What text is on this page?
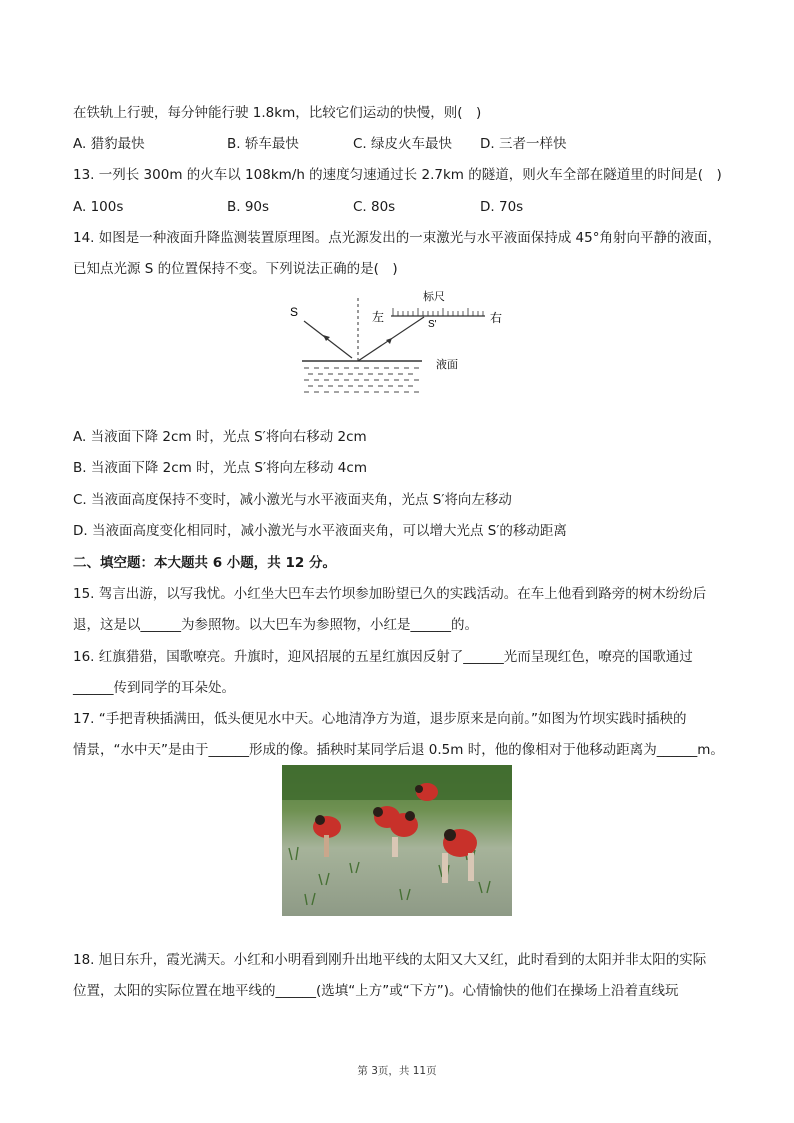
在铁轨上行驶，每分钟能行驶 1.8km，比较它们运动的快慢，则(　)
A. 猎豹最快	B. 轿车最快	C. 绿皮火车最快 D. 三者一样快
13. 一列长 300m 的火车以 108km/h 的速度匀速通过长 2.7km 的隧道，则火车全部在隧道里的时间是(　)
A. 100s	B. 90s	C. 80s	D. 70s
14. 如图是一种液面升降监测装置原理图。点光源发出的一束激光与水平液面保持成 45°角射向平静的液面，
已知点光源 S 的位置保持不变。下列说法正确的是(　)
S	左	右
标尺
S'
液面
A. 当液面下降 2cm 时，光点 S′将向右移动 2cm
B. 当液面下降 2cm 时，光点 S′将向左移动 4cm
C. 当液面高度保持不变时，减小激光与水平液面夹角，光点 S′将向左移动
D. 当液面高度变化相同时，减小激光与水平液面夹角，可以增大光点 S′的移动距离
二、填空题：本大题共 6 小题，共 12 分。
15. 驾言出游，以写我忧。小红坐大巴车去竹坝参加盼望已久的实践活动。在车上他看到路旁的树木纷纷后
退，这是以______为参照物。以大巴车为参照物，小红是______的。
16. 红旗猎猎，国歌嘹亮。升旗时，迎风招展的五星红旗因反射了______光而呈现红色，嘹亮的国歌通过
______传到同学的耳朵处。
17. “手把青秧插满田，低头便见水中天。心地清净方为道，退步原来是向前。”如图为竹坝实践时插秧的
情景，“水中天”是由于______形成的像。插秧时某同学后退 0.5m 时，他的像相对于他移动距离为______m。
18. 旭日东升，霞光满天。小红和小明看到刚升出地平线的太阳又大又红，此时看到的太阳并非太阳的实际
位置，太阳的实际位置在地平线的______(选填“上方”或“下方”)。心情愉快的他们在操场上沿着直线玩
第 3页，共 11页
